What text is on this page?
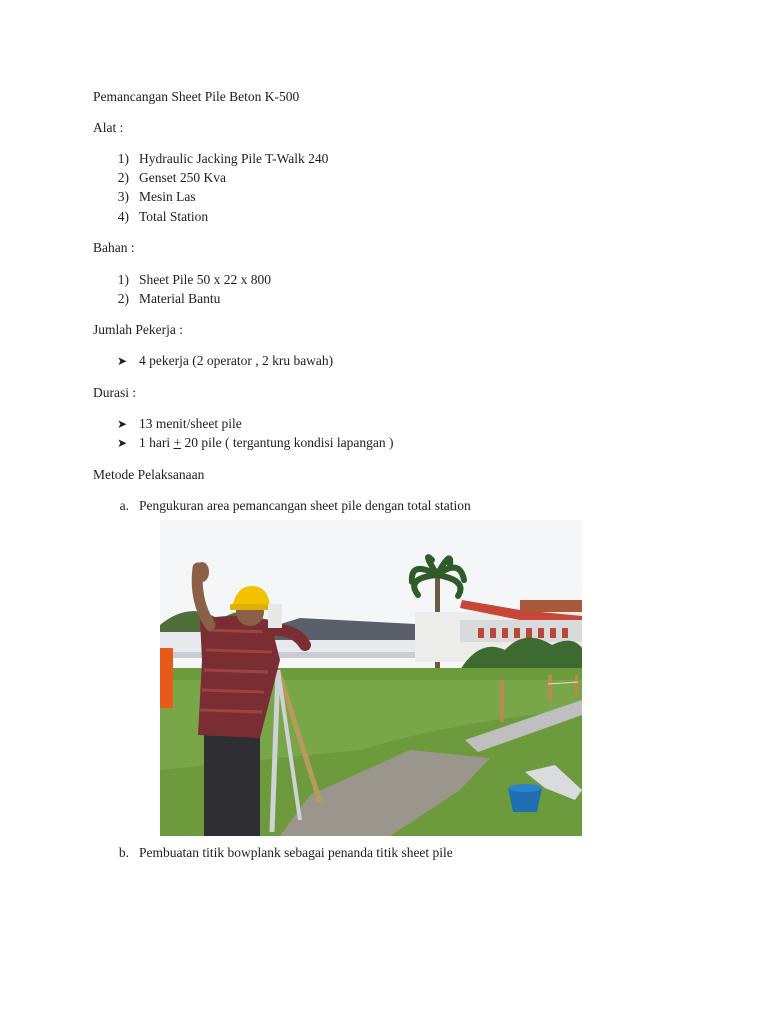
Pemancangan Sheet Pile Beton K-500
Alat :
1) Hydraulic Jacking Pile T-Walk 240
2) Genset 250 Kva
3) Mesin Las
4) Total Station
Bahan :
1) Sheet Pile 50 x 22 x 800
2) Material Bantu
Jumlah Pekerja :
➤ 4 pekerja (2 operator , 2 kru bawah)
Durasi :
➤ 13 menit/sheet pile
➤ 1 hari + 20 pile ( tergantung kondisi lapangan )
Metode Pelaksanaan
a. Pengukuran area pemancangan sheet pile dengan total station
b. Pembuatan titik bowplank sebagai penanda titik sheet pile
